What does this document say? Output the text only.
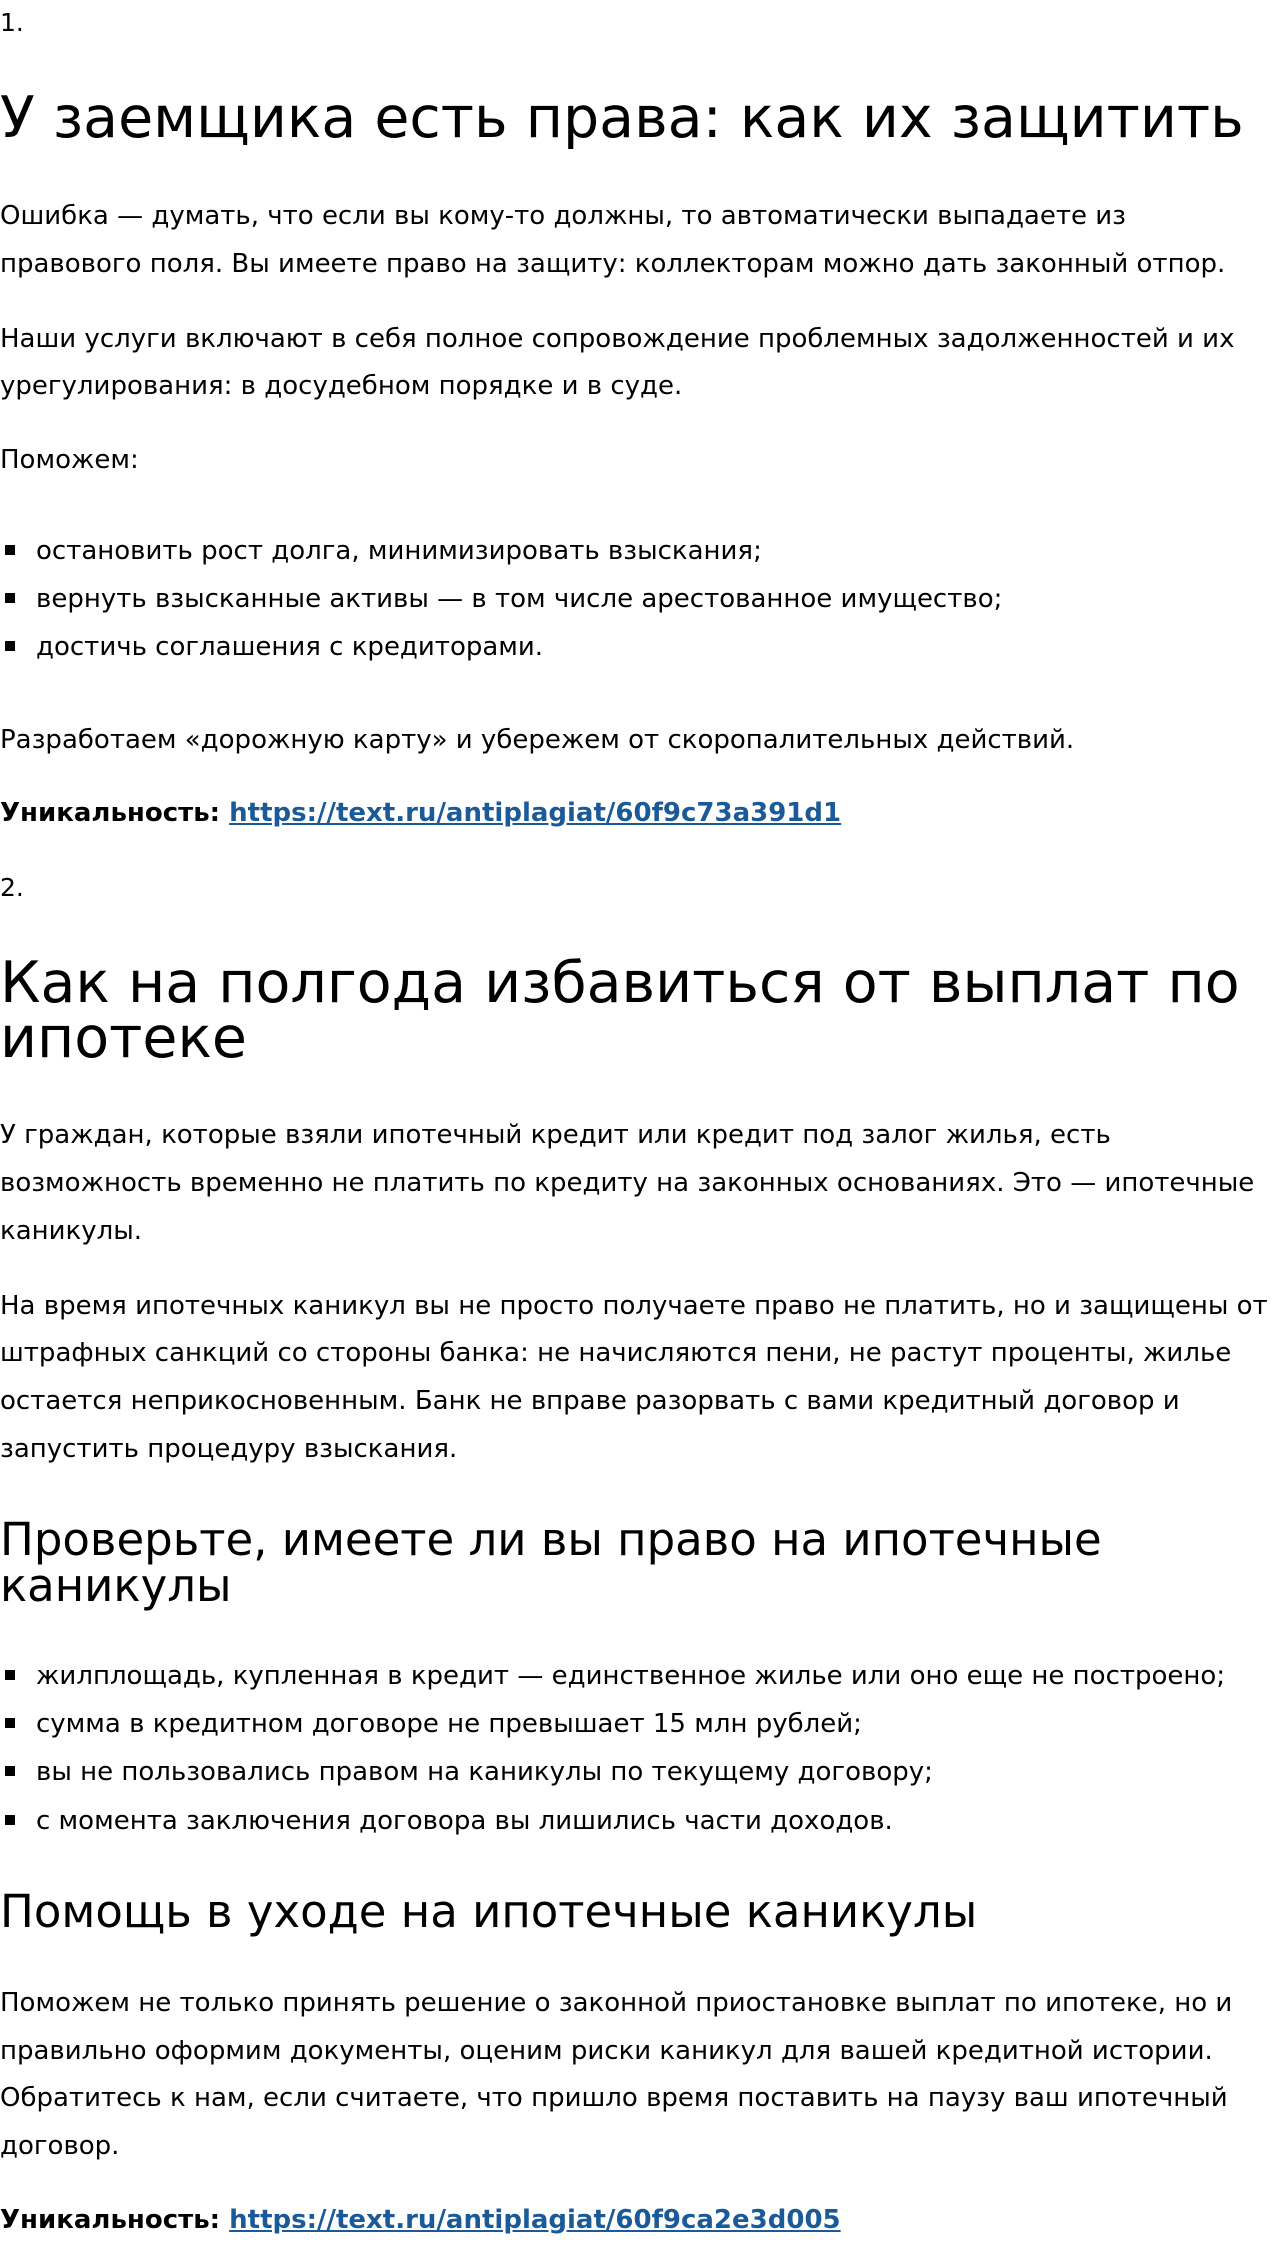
1.
У заемщика есть права: как их защитить
Ошибка — думать, что если вы кому-то должны, то автоматически выпадаете из
правового поля. Вы имеете право на защиту: коллекторам можно дать законный отпор.
Наши услуги включают в себя полное сопровождение проблемных задолженностей и их
урегулирования: в досудебном порядке и в суде.
Поможем:
остановить рост долга, минимизировать взыскания;
вернуть взысканные активы — в том числе арестованное имущество;
достичь соглашения с кредиторами.
Разработаем «дорожную карту» и убережем от скоропалительных действий.
Уникальность: https://text.ru/antiplagiat/60f9c73a391d1
2.
Как на полгода избавиться от выплат по
ипотеке
У граждан, которые взяли ипотечный кредит или кредит под залог жилья, есть
возможность временно не платить по кредиту на законных основаниях. Это — ипотечные
каникулы.
На время ипотечных каникул вы не просто получаете право не платить, но и защищены от
штрафных санкций со стороны банка: не начисляются пени, не растут проценты, жилье
остается неприкосновенным. Банк не вправе разорвать с вами кредитный договор и
запустить процедуру взыскания.
Проверьте, имеете ли вы право на ипотечные
каникулы
жилплощадь, купленная в кредит — единственное жилье или оно еще не построено;
сумма в кредитном договоре не превышает 15 млн рублей;
вы не пользовались правом на каникулы по текущему договору;
с момента заключения договора вы лишились части доходов.
Помощь в уходе на ипотечные каникулы
Поможем не только принять решение о законной приостановке выплат по ипотеке, но и
правильно оформим документы, оценим риски каникул для вашей кредитной истории.
Обратитесь к нам, если считаете, что пришло время поставить на паузу ваш ипотечный
договор.
Уникальность: https://text.ru/antiplagiat/60f9ca2e3d005
